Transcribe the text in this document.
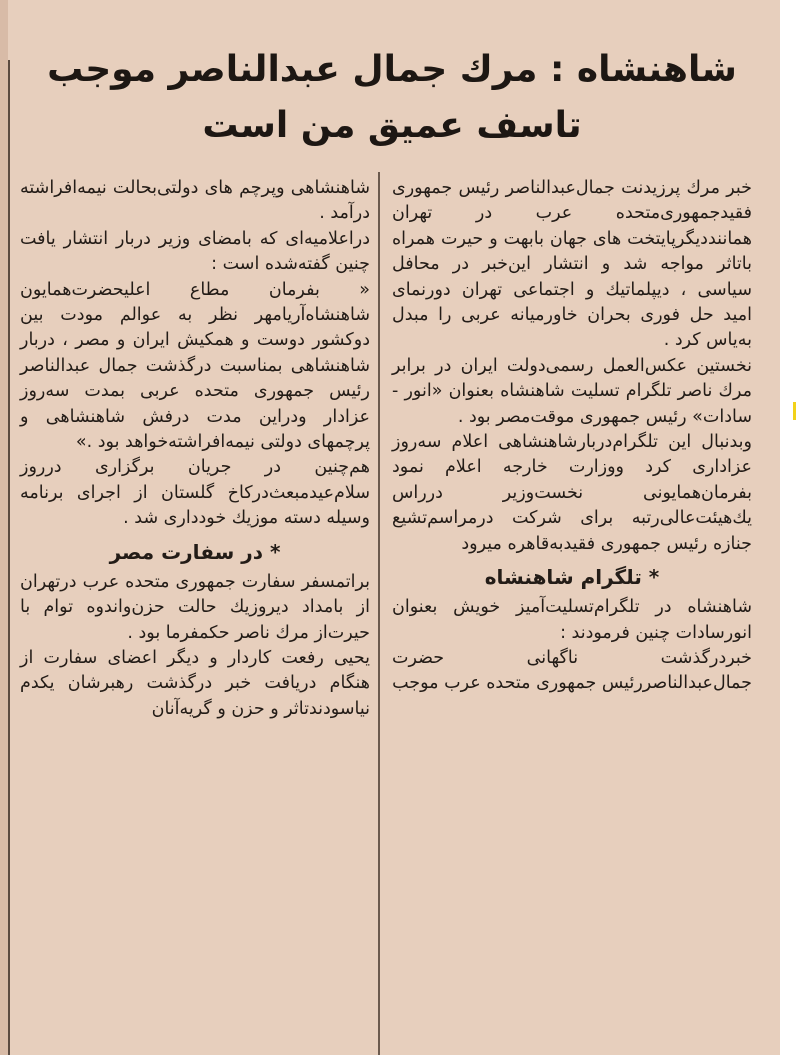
شاهنشاه : مرك جمال عبدالناصر موجب
تاسف عميق من است

خبر مرك پرزيدنت جمال‌عبدالناصر رئيس جمهوری فقيدجمهوری‌متحده عرب در تهران همانندديگرپايتخت های جهان بابهت و حيرت همراه باتاثر مواجه شد و انتشار اين‌خبر در محافل سياسی ، ديپلماتيك و اجتماعی تهران دورنمای اميد حل فوری بحران خاورميانه عربی را مبدل به‌ياس كرد .

نخستين عكس‌العمل رسمی‌دولت ايران در برابر مرك ناصر تلگرام تسليت شاهنشاه بعنوان «انور - سادات» رئيس جمهوری موقت‌مصر بود .

وبدنبال اين تلگرام‌دربارشاهنشاهی اعلام سه‌روز عزاداری كرد ووزارت خارجه اعلام نمود بفرمان‌همايونی نخست‌وزير درراس يك‌هيئت‌عالی‌رتبه برای شركت درمراسم‌تشيع جنازه رئيس جمهوری فقيدبه‌قاهره ميرود

* تلگرام شاهنشاه

شاهنشاه در تلگرام‌تسليت‌آميز خويش بعنوان انورسادات چنين فرمودند :

خبردرگذشت ناگهانی حضرت جمال‌عبدالناصررئيس جمهوری متحده عرب موجب

شاهنشاهی وپرچم های دولتی‌بحالت نيمه‌افراشته در‌آمد .

دراعلاميه‌ای كه بامضای وزير دربار انتشار يافت چنين گفته‌شده است :

« بفرمان مطاع اعليحضرت‌همايون شاهنشاه‌آريامهر نظر به عوالم مودت بين دوكشور دوست و همكيش ايران و مصر ، دربار شاهنشاهی بمناسبت درگذشت جمال عبدالناصر رئيس جمهوری متحده عربی بمدت سه‌روز عزادار ودراين مدت درفش شاهنشاهی و پرچمهای دولتی نيمه‌افراشته‌خواهد بود .»

هم‌چنين در جريان برگزاری درروز سلام‌عيدمبعث‌دركاخ گلستان از اجرای برنامه وسيله دسته موزيك خودداری شد .

* در سفارت مصر

براتمسفر سفارت جمهوری متحده عرب درتهران از بامداد ديروزيك حالت حزن‌واندوه توام با حيرت‌از مرك ناصر حكمفرما بود .

يحيی رفعت كاردار و ديگر اعضای سفارت از هنگام دريافت خبر درگذشت رهبرشان يكدم نياسودندتاثر و حزن و گريه‌آنان
